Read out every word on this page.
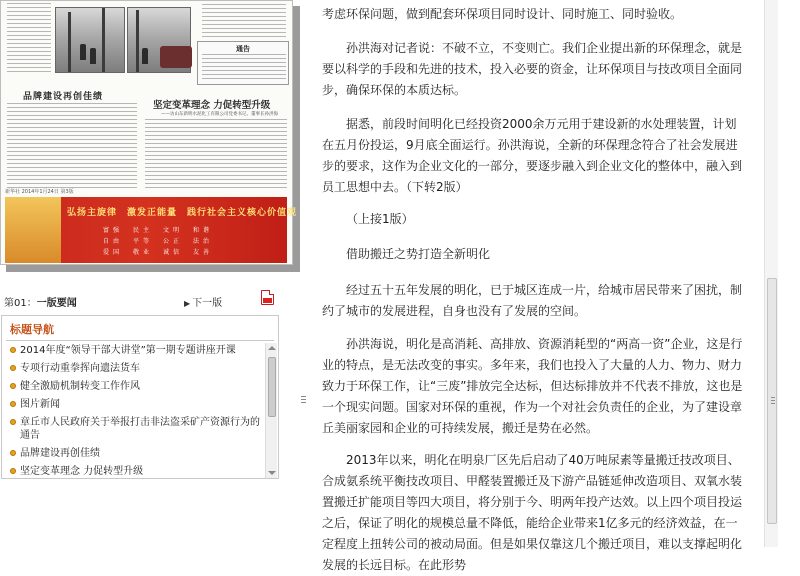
通告
品牌建设再创佳绩
坚定变革理念 力促转型升级
——访山东新明水泥化工有限公司党委书记、董事长孙洪海
新华社 2014年1月24日 第3版
弘扬主旋律　激发正能量　践行社会主义核心价值观
富强　民主　文明　和谐
自由　平等　公正　法治
爱国　敬业　诚信　友善
第01：一版要闻	▶ 下一版
标题导航
2014年度“领导干部大讲堂”第一期专题讲座开课
专项行动重拳挥向遗法货车
健全激励机制转变工作作风
图片新闻
章丘市人民政府关于举报打击非法盗采矿产资源行为的通告
品牌建设再创佳绩
坚定变革理念 力促转型升级
考虑环保问题，做到配套环保项目同时设计、同时施工、同时验收。
孙洪海对记者说：不破不立，不变则亡。我们企业提出新的环保理念，就是要以科学的手段和先进的技术，投入必要的资金，让环保项目与技改项目全面同步，确保环保的本质达标。
据悉，前段时间明化已经投资2000余万元用于建设新的水处理装置，计划在五月份投运，9月底全面运行。孙洪海说，全新的环保理念符合了社会发展进步的要求，这作为企业文化的一部分，要逐步融入到企业文化的整体中，融入到员工思想中去。（下转2版）
（上接1版）
借助搬迁之势打造全新明化
经过五十五年发展的明化，已于城区连成一片，给城市居民带来了困扰，制约了城市的发展进程，自身也没有了发展的空间。
孙洪海说，明化是高消耗、高排放、资源消耗型的“两高一资”企业，这是行业的特点，是无法改变的事实。多年来，我们也投入了大量的人力、物力、财力致力于环保工作，让“三废”排放完全达标，但达标排放并不代表不排放，这也是一个现实问题。国家对环保的重视，作为一个对社会负责任的企业，为了建设章丘美丽家园和企业的可持续发展，搬迁是势在必然。
2013年以来，明化在明泉厂区先后启动了40万吨尿素等量搬迁技改项目、合成氨系统平衡技改项目、甲醛装置搬迁及下游产品链延伸改造项目、双氧水装置搬迁扩能项目等四大项目，将分别于今、明两年投产达效。以上四个项目投运之后，保证了明化的规模总量不降低，能给企业带来1亿多元的经济效益，在一定程度上扭转公司的被动局面。但是如果仅靠这几个搬迁项目，难以支撑起明化发展的长远目标。在此形势
